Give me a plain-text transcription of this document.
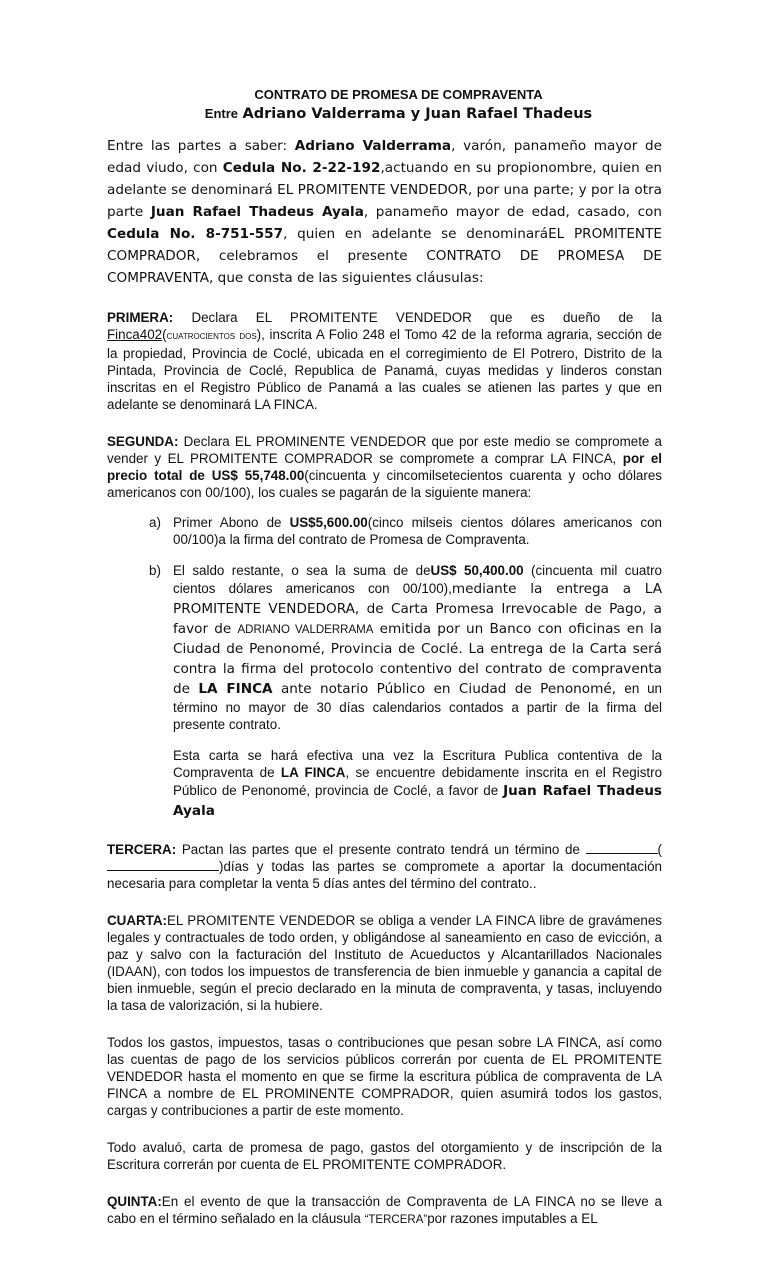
CONTRATO DE PROMESA DE COMPRAVENTA
Entre Adriano Valderrama y Juan Rafael Thadeus

Entre las partes a saber: Adriano Valderrama, varón, panameño mayor de edad viudo, con Cedula No. 2-22-192,actuando en su propionombre, quien en adelante se denominará EL PROMITENTE VENDEDOR, por una parte; y por la otra parte Juan Rafael Thadeus Ayala, panameño mayor de edad, casado, con Cedula No. 8-751-557, quien en adelante se denominaráEL PROMITENTE COMPRADOR, celebramos el presente CONTRATO DE PROMESA DE COMPRAVENTA, que consta de las siguientes cláusulas:

PRIMERA: Declara EL PROMITENTE VENDEDOR que es dueño de la Finca402(cuatrocientos dos), inscrita A Folio 248 el Tomo 42 de la reforma agraria, sección de la propiedad, Provincia de Coclé, ubicada en el corregimiento de El Potrero, Distrito de la Pintada, Provincia de Coclé, Republica de Panamá, cuyas medidas y linderos constan inscritas en el Registro Público de Panamá a las cuales se atienen las partes y que en adelante se denominará LA FINCA.

SEGUNDA: Declara EL PROMINENTE VENDEDOR que por este medio se compromete a vender y EL PROMITENTE COMPRADOR se compromete a comprar LA FINCA, por el precio total de US$ 55,748.00(cincuenta y cincomilsetecientos cuarenta y ocho dólares americanos con 00/100), los cuales se pagarán de la siguiente manera:

a) Primer Abono de US$5,600.00(cinco milseis cientos dólares americanos con 00/100)a la firma del contrato de Promesa de Compraventa.

b) El saldo restante, o sea la suma de deUS$ 50,400.00 (cincuenta mil cuatro cientos dólares americanos con 00/100),mediante la entrega a LA PROMITENTE VENDEDORA, de Carta Promesa Irrevocable de Pago, a favor de ADRIANO VALDERRAMA emitida por un Banco con oficinas en la Ciudad de Penonomé, Provincia de Coclé. La entrega de la Carta será contra la firma del protocolo contentivo del contrato de compraventa de LA FINCA ante notario Público en Ciudad de Penonomé, en un término no mayor de 30 días calendarios contados a partir de la firma del presente contrato.

Esta carta se hará efectiva una vez la Escritura Publica contentiva de la Compraventa de LA FINCA, se encuentre debidamente inscrita en el Registro Público de Penonomé, provincia de Coclé, a favor de Juan Rafael Thadeus Ayala

TERCERA: Pactan las partes que el presente contrato tendrá un término de	()días y todas las partes se compromete a aportar la documentación necesaria para completar la venta 5 días antes del término del contrato..

CUARTA:EL PROMITENTE VENDEDOR se obliga a vender LA FINCA libre de gravámenes legales y contractuales de todo orden, y obligándose al saneamiento en caso de evicción, a paz y salvo con la facturación del Instituto de Acueductos y Alcantarillados Nacionales (IDAAN), con todos los impuestos de transferencia de bien inmueble y ganancia a capital de bien inmueble, según el precio declarado en la minuta de compraventa, y tasas, incluyendo la tasa de valorización, si la hubiere.

Todos los gastos, impuestos, tasas o contribuciones que pesan sobre LA FINCA, así como las cuentas de pago de los servicios públicos correrán por cuenta de EL PROMITENTE VENDEDOR hasta el momento en que se firme la escritura pública de compraventa de LA FINCA a nombre de EL PROMINENTE COMPRADOR, quien asumirá todos los gastos, cargas y contribuciones a partir de este momento.

Todo avaluó, carta de promesa de pago, gastos del otorgamiento y de inscripción de la Escritura correrán por cuenta de EL PROMITENTE COMPRADOR.

QUINTA:En el evento de que la transacción de Compraventa de LA FINCA no se lleve a cabo en el término señalado en la cláusula “TERCERA”por razones imputables a EL
